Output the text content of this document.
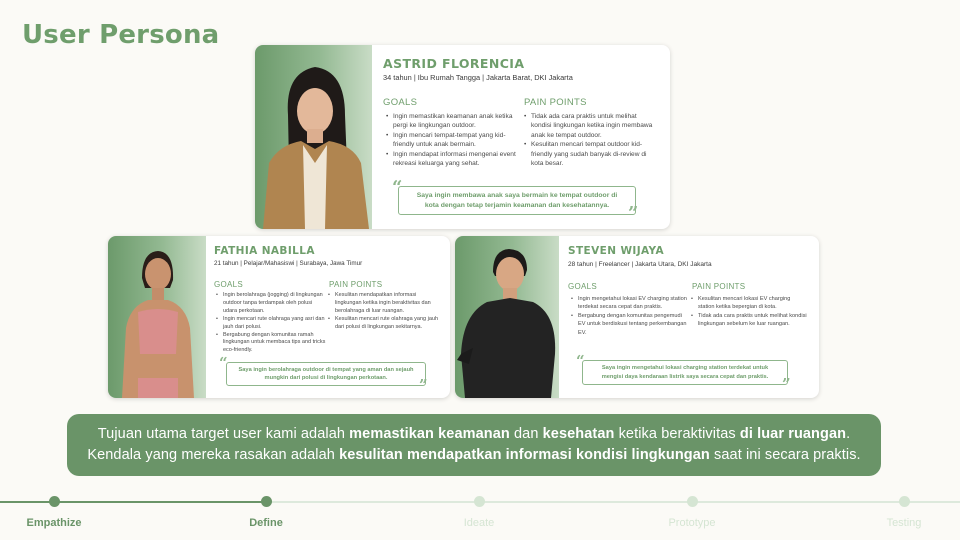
User Persona
ASTRID FLORENCIA
34 tahun | Ibu Rumah Tangga | Jakarta Barat, DKI Jakarta
GOALS
• Ingin memastikan keamanan anak ketika pergi ke lingkungan outdoor.
• Ingin mencari tempat-tempat yang kid-friendly untuk anak bermain.
• Ingin mendapat informasi mengenai event rekreasi keluarga yang sehat.
PAIN POINTS
• Tidak ada cara praktis untuk melihat kondisi lingkungan ketika ingin membawa anak ke tempat outdoor.
• Kesulitan mencari tempat outdoor kid-friendly yang sudah banyak di-review di kota besar.
“	Saya ingin membawa anak saya bermain ke tempat outdoor di kota dengan tetap terjamin keamanan dan kesehatannya.	”
FATHIA NABILLA
21 tahun | Pelajar/Mahasiswi | Surabaya, Jawa Timur
GOALS
• Ingin berolahraga (jogging) di lingkungan outdoor tanpa terdampak oleh polusi udara perkotaan.
• Ingin mencari rute olahraga yang asri dan jauh dari polusi.
• Bergabung dengan komunitas ramah lingkungan untuk membaca tips and tricks eco-friendly.
PAIN POINTS
• Kesulitan mendapatkan informasi lingkungan ketika ingin beraktivitas dan berolahraga di luar ruangan.
• Kesulitan mencari rute olahraga yang jauh dari polusi di lingkungan sekitarnya.
“	Saya ingin berolahraga outdoor di tempat yang aman dan sejauh mungkin dari polusi di lingkungan perkotaan.	”
STEVEN WIJAYA
28 tahun | Freelancer | Jakarta Utara, DKI Jakarta
GOALS
• Ingin mengetahui lokasi EV charging station terdekat secara cepat dan praktis.
• Bergabung dengan komunitas pengemudi EV untuk berdiskusi tentang perkembangan EV.
PAIN POINTS
• Kesulitan mencari lokasi EV charging station ketika bepergian di kota.
• Tidak ada cara praktis untuk melihat kondisi lingkungan sebelum ke luar ruangan.
“	Saya ingin mengetahui lokasi charging station terdekat untuk mengisi daya kendaraan listrik saya secara cepat dan praktis. ”
Tujuan utama target user kami adalah memastikan keamanan dan kesehatan ketika beraktivitas di luar ruangan.
Kendala yang mereka rasakan adalah kesulitan mendapatkan informasi kondisi lingkungan saat ini secara praktis.
Empathize	Define	Ideate	Prototype	Testing
